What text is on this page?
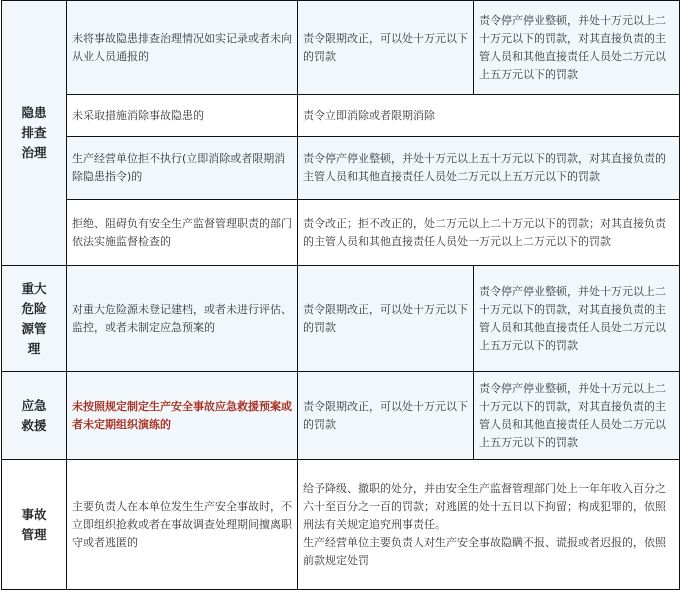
隐患
排查
治理	未将事故隐患排查治理情况如实记录或者未向从业人员通报的	责令限期改正，可以处十万元以下的罚款	责令停产停业整顿，并处十万元以上二十万元以下的罚款，对其直接负责的主管人员和其他直接责任人员处二万元以上五万元以下的罚款
	未采取措施消除事故隐患的	责令立即消除或者限期消除	
	生产经营单位拒不执行(立即消除或者限期消除隐患指令)的	责令停产停业整顿，并处十万元以上五十万元以下的罚款，对其直接负责的主管人员和其他直接责任人员处二万元以上五万元以下的罚款	
	拒绝、阻碍负有安全生产监督管理职责的部门依法实施监督检查的	责令改正；拒不改正的，处二万元以上二十万元以下的罚款；对其直接负责的主管人员和其他直接责任人员处一万元以上二万元以下的罚款	

重大
危险
源管
理	对重大危险源未登记建档，或者未进行评估、监控，或者未制定应急预案的	责令限期改正，可以处十万元以下的罚款	责令停产停业整顿，并处十万元以上二十万元以下的罚款，对其直接负责的主管人员和其他直接责任人员处二万元以上五万元以下的罚款

应急
救援	未按照规定制定生产安全事故应急救援预案或者未定期组织演练的	责令限期改正，可以处十万元以下的罚款	责令停产停业整顿，并处十万元以上二十万元以下的罚款，对其直接负责的主管人员和其他直接责任人员处二万元以上五万元以下的罚款

事故
管理	主要负责人在本单位发生生产安全事故时，不立即组织抢救或者在事故调查处理期间擅离职守或者逃匿的	给予降级、撤职的处分，并由安全生产监督管理部门处上一年年收入百分之六十至百分之一百的罚款；对逃匿的处十五日以下拘留；构成犯罪的，依照刑法有关规定追究刑事责任。
生产经营单位主要负责人对生产安全事故隐瞒不报、谎报或者迟报的，依照前款规定处罚	
